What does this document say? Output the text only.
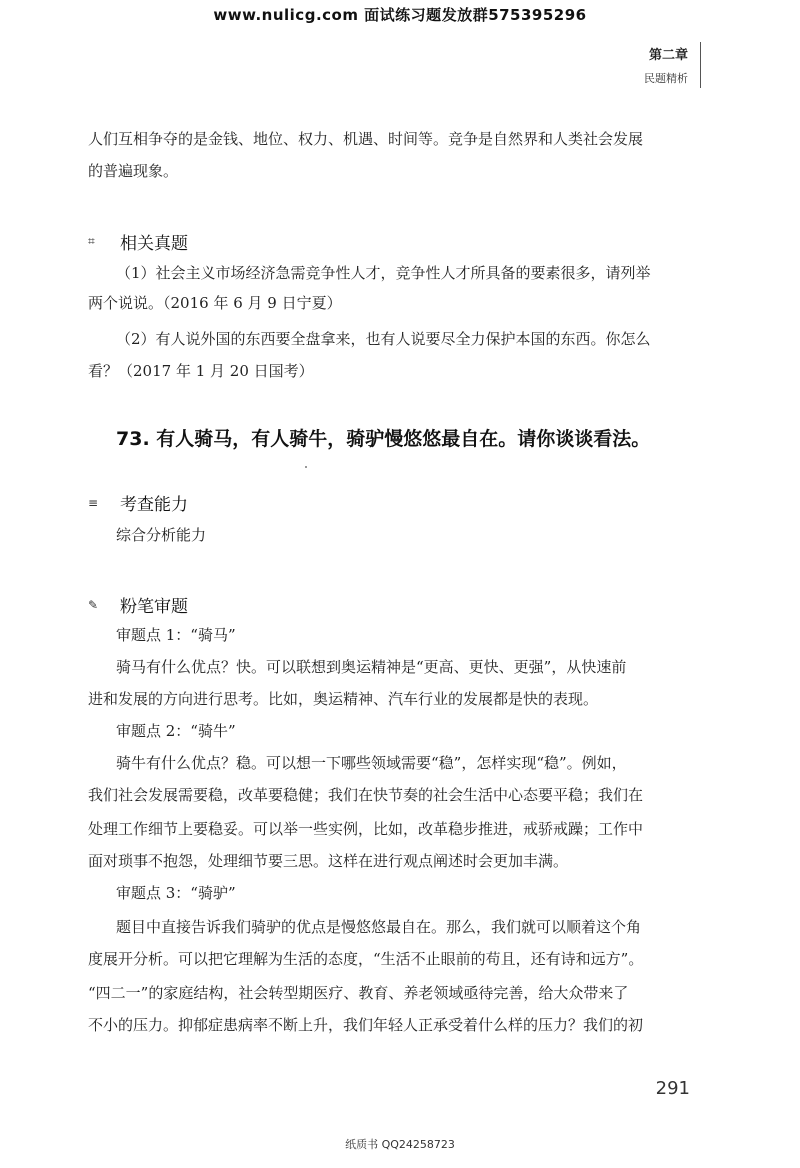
www.nulicg.com 面试练习题发放群575395296
第二章
民题精析
人们互相争夺的是金钱、地位、权力、机遇、时间等。竞争是自然界和人类社会发展
的普遍现象。
⌗	相关真题
（1）社会主义市场经济急需竞争性人才，竞争性人才所具备的要素很多，请列举
两个说说。（2016 年 6 月 9 日宁夏）
（2）有人说外国的东西要全盘拿来，也有人说要尽全力保护本国的东西。你怎么
看？（2017 年 1 月 20 日国考）
73. 有人骑马，有人骑牛，骑驴慢悠悠最自在。请你谈谈看法。
≡	考查能力
综合分析能力
✎	粉笔审题
审题点 1：“骑马”
骑马有什么优点？快。可以联想到奥运精神是“更高、更快、更强”，从快速前
进和发展的方向进行思考。比如，奥运精神、汽车行业的发展都是快的表现。
审题点 2：“骑牛”
骑牛有什么优点？稳。可以想一下哪些领域需要“稳”，怎样实现“稳”。例如，
我们社会发展需要稳，改革要稳健；我们在快节奏的社会生活中心态要平稳；我们在
处理工作细节上要稳妥。可以举一些实例，比如，改革稳步推进，戒骄戒躁；工作中
面对琐事不抱怨，处理细节要三思。这样在进行观点阐述时会更加丰满。
审题点 3：“骑驴”
题目中直接告诉我们骑驴的优点是慢悠悠最自在。那么，我们就可以顺着这个角
度展开分析。可以把它理解为生活的态度，“生活不止眼前的苟且，还有诗和远方”。
“四二一”的家庭结构，社会转型期医疗、教育、养老领域亟待完善，给大众带来了
不小的压力。抑郁症患病率不断上升，我们年轻人正承受着什么样的压力？我们的初
291
纸质书 QQ24258723
